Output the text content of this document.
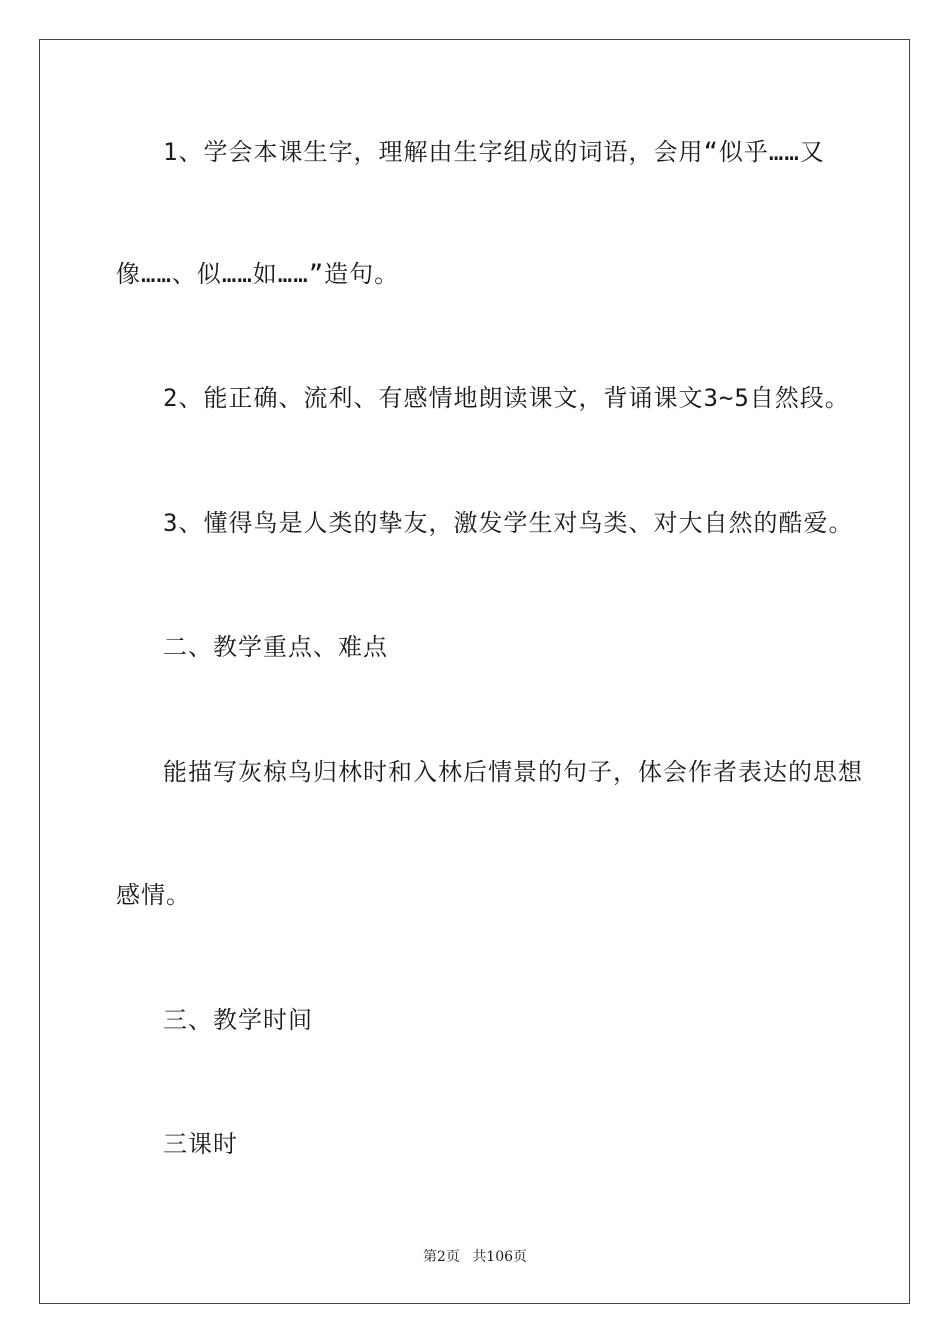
1、学会本课生字，理解由生字组成的词语，会用“似乎……又
像……、似……如……”造句。
2、能正确、流利、有感情地朗读课文，背诵课文3~5自然段。
3、懂得鸟是人类的挚友，激发学生对鸟类、对大自然的酷爱。
二、教学重点、难点
能描写灰椋鸟归林时和入林后情景的句子，体会作者表达的思想
感情。
三、教学时间
三课时
第2页 共106页
